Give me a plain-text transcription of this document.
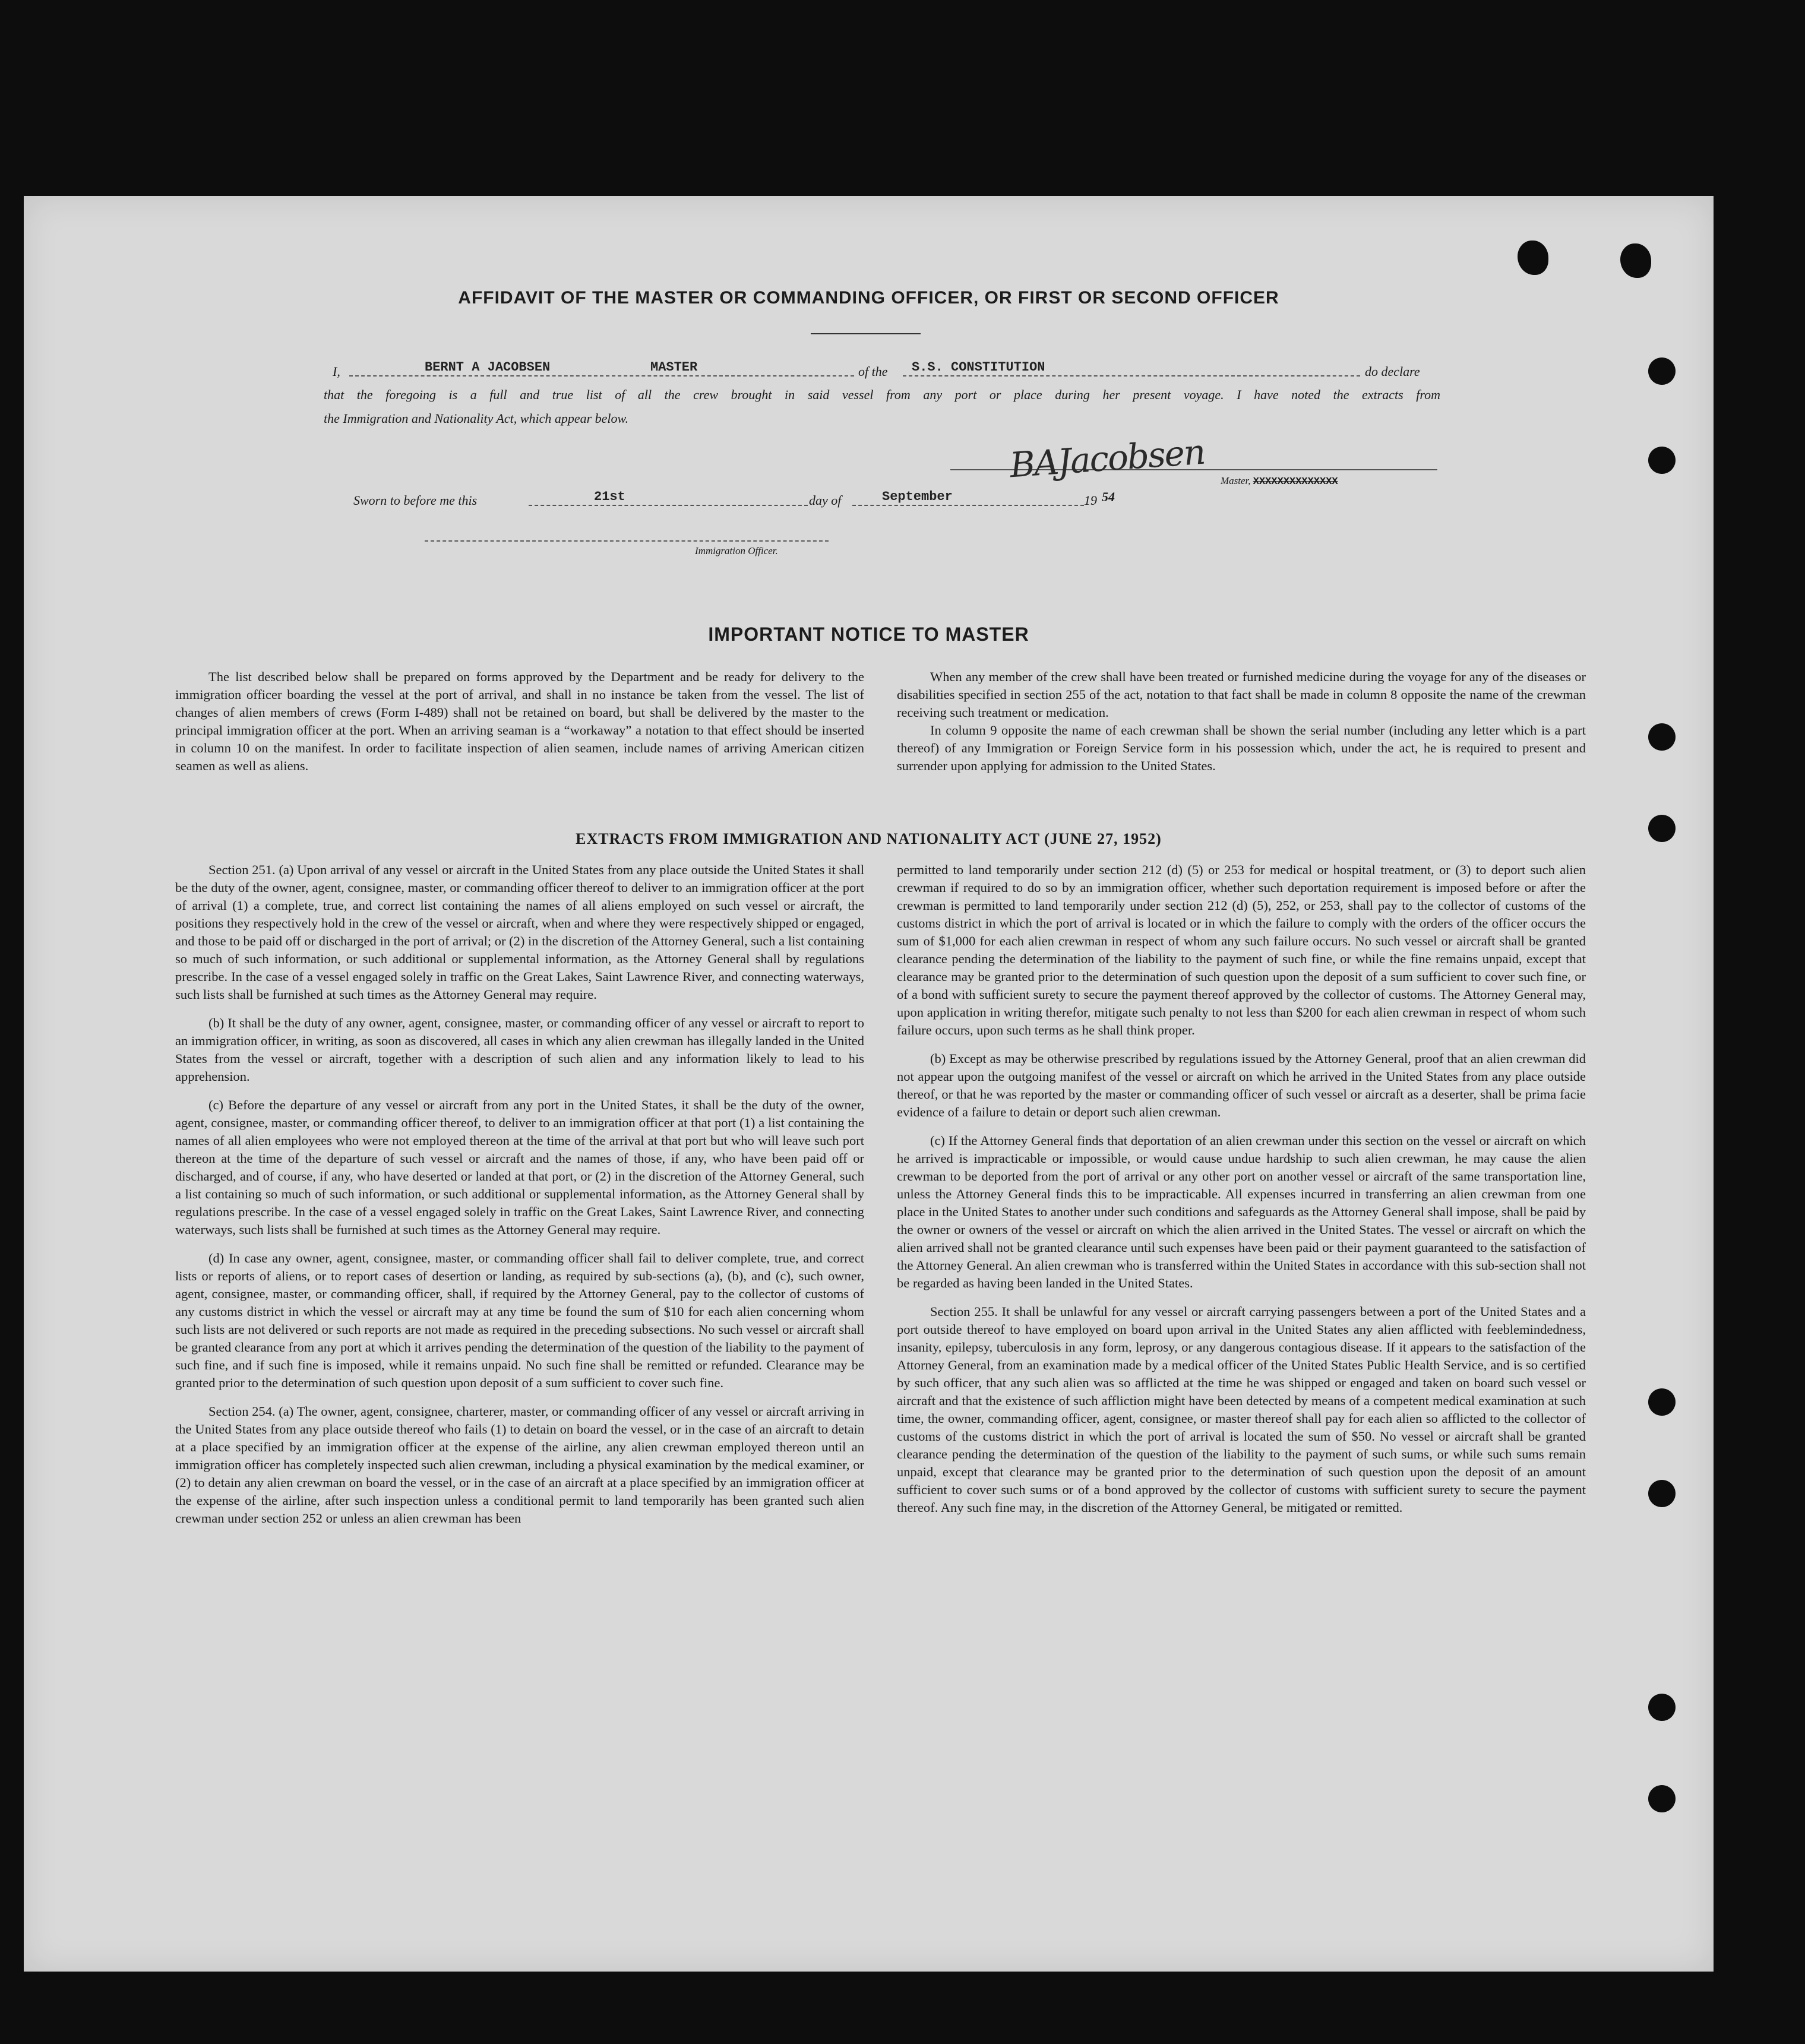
AFFIDAVIT OF THE MASTER OR COMMANDING OFFICER, OR FIRST OR SECOND OFFICER
I,	BERNT A JACOBSEN	MASTER	of the S.S. CONSTITUTION	do declare
that the foregoing is a full and true list of all the crew brought in said vessel from any port or place during her present voyage. I have noted the extracts from
the Immigration and Nationality Act, which appear below.
BAJacobsen Master, XXXXXXXXXXXXXX
Sworn to before me this	21st	day of	September	19 54
Immigration Officer.
IMPORTANT NOTICE TO MASTER

The list described below shall be prepared on forms approved by the Department and be ready for delivery to the immigration officer boarding the vessel at the port of arrival, and shall in no instance be taken from the vessel. The list of changes of alien members of crews (Form I-489) shall not be retained on board, but shall be delivered by the master to the principal immigration officer at the port. When an arriving seaman is a “workaway” a notation to that effect should be inserted in column 10 on the manifest. In order to facilitate inspection of alien seamen, include names of arriving American citizen seamen as well as aliens.

When any member of the crew shall have been treated or furnished medicine during the voyage for any of the diseases or disabilities specified in section 255 of the act, notation to that fact shall be made in column 8 opposite the name of the crewman receiving such treatment or medication.

In column 9 opposite the name of each crewman shall be shown the serial number (including any letter which is a part thereof) of any Immigration or Foreign Service form in his possession which, under the act, he is required to present and surrender upon applying for admission to the United States.

EXTRACTS FROM IMMIGRATION AND NATIONALITY ACT (JUNE 27, 1952)

Section 251. (a) Upon arrival of any vessel or aircraft in the United States from any place outside the United States it shall be the duty of the owner, agent, consignee, master, or commanding officer thereof to deliver to an immigration officer at the port of arrival (1) a complete, true, and correct list containing the names of all aliens employed on such vessel or aircraft, the positions they respectively hold in the crew of the vessel or aircraft, when and where they were respectively shipped or engaged, and those to be paid off or discharged in the port of arrival; or (2) in the discretion of the Attorney General, such a list containing so much of such information, or such additional or supplemental information, as the Attorney General shall by regulations prescribe. In the case of a vessel engaged solely in traffic on the Great Lakes, Saint Lawrence River, and connecting waterways, such lists shall be furnished at such times as the Attorney General may require.

(b) It shall be the duty of any owner, agent, consignee, master, or commanding officer of any vessel or aircraft to report to an immigration officer, in writing, as soon as discovered, all cases in which any alien crewman has illegally landed in the United States from the vessel or aircraft, together with a description of such alien and any information likely to lead to his apprehension.

(c) Before the departure of any vessel or aircraft from any port in the United States, it shall be the duty of the owner, agent, consignee, master, or commanding officer thereof, to deliver to an immigration officer at that port (1) a list containing the names of all alien employees who were not employed thereon at the time of the arrival at that port but who will leave such port thereon at the time of the departure of such vessel or aircraft and the names of those, if any, who have been paid off or discharged, and of course, if any, who have deserted or landed at that port, or (2) in the discretion of the Attorney General, such a list containing so much of such information, or such additional or supplemental information, as the Attorney General shall by regulations prescribe. In the case of a vessel engaged solely in traffic on the Great Lakes, Saint Lawrence River, and connecting waterways, such lists shall be furnished at such times as the Attorney General may require.

(d) In case any owner, agent, consignee, master, or commanding officer shall fail to deliver complete, true, and correct lists or reports of aliens, or to report cases of desertion or landing, as required by sub-sections (a), (b), and (c), such owner, agent, consignee, master, or commanding officer, shall, if required by the Attorney General, pay to the collector of customs of any customs district in which the vessel or aircraft may at any time be found the sum of $10 for each alien concerning whom such lists are not delivered or such reports are not made as required in the preceding subsections. No such vessel or aircraft shall be granted clearance from any port at which it arrives pending the determination of the question of the liability to the payment of such fine, and if such fine is imposed, while it remains unpaid. No such fine shall be remitted or refunded. Clearance may be granted prior to the determination of such question upon deposit of a sum sufficient to cover such fine.

Section 254. (a) The owner, agent, consignee, charterer, master, or commanding officer of any vessel or aircraft arriving in the United States from any place outside thereof who fails (1) to detain on board the vessel, or in the case of an aircraft to detain at a place specified by an immigration officer at the expense of the airline, any alien crewman employed thereon until an immigration officer has completely inspected such alien crewman, including a physical examination by the medical examiner, or (2) to detain any alien crewman on board the vessel, or in the case of an aircraft at a place specified by an immigration officer at the expense of the airline, after such inspection unless a conditional permit to land temporarily has been granted such alien crewman under section 252 or unless an alien crewman has been

permitted to land temporarily under section 212 (d) (5) or 253 for medical or hospital treatment, or (3) to deport such alien crewman if required to do so by an immigration officer, whether such deportation requirement is imposed before or after the crewman is permitted to land temporarily under section 212 (d) (5), 252, or 253, shall pay to the collector of customs of the customs district in which the port of arrival is located or in which the failure to comply with the orders of the officer occurs the sum of $1,000 for each alien crewman in respect of whom any such failure occurs. No such vessel or aircraft shall be granted clearance pending the determination of the liability to the payment of such fine, or while the fine remains unpaid, except that clearance may be granted prior to the determination of such question upon the deposit of a sum sufficient to cover such fine, or of a bond with sufficient surety to secure the payment thereof approved by the collector of customs. The Attorney General may, upon application in writing therefor, mitigate such penalty to not less than $200 for each alien crewman in respect of whom such failure occurs, upon such terms as he shall think proper.

(b) Except as may be otherwise prescribed by regulations issued by the Attorney General, proof that an alien crewman did not appear upon the outgoing manifest of the vessel or aircraft on which he arrived in the United States from any place outside thereof, or that he was reported by the master or commanding officer of such vessel or aircraft as a deserter, shall be prima facie evidence of a failure to detain or deport such alien crewman.

(c) If the Attorney General finds that deportation of an alien crewman under this section on the vessel or aircraft on which he arrived is impracticable or impossible, or would cause undue hardship to such alien crewman, he may cause the alien crewman to be deported from the port of arrival or any other port on another vessel or aircraft of the same transportation line, unless the Attorney General finds this to be impracticable. All expenses incurred in transferring an alien crewman from one place in the United States to another under such conditions and safeguards as the Attorney General shall impose, shall be paid by the owner or owners of the vessel or aircraft on which the alien arrived in the United States. The vessel or aircraft on which the alien arrived shall not be granted clearance until such expenses have been paid or their payment guaranteed to the satisfaction of the Attorney General. An alien crewman who is transferred within the United States in accordance with this sub-section shall not be regarded as having been landed in the United States.

Section 255. It shall be unlawful for any vessel or aircraft carrying passengers between a port of the United States and a port outside thereof to have employed on board upon arrival in the United States any alien afflicted with feeblemindedness, insanity, epilepsy, tuberculosis in any form, leprosy, or any dangerous contagious disease. If it appears to the satisfaction of the Attorney General, from an examination made by a medical officer of the United States Public Health Service, and is so certified by such officer, that any such alien was so afflicted at the time he was shipped or engaged and taken on board such vessel or aircraft and that the existence of such affliction might have been detected by means of a competent medical examination at such time, the owner, commanding officer, agent, consignee, or master thereof shall pay for each alien so afflicted to the collector of customs of the customs district in which the port of arrival is located the sum of $50. No vessel or aircraft shall be granted clearance pending the determination of the question of the liability to the payment of such sums, or while such sums remain unpaid, except that clearance may be granted prior to the determination of such question upon the deposit of an amount sufficient to cover such sums or of a bond approved by the collector of customs with sufficient surety to secure the payment thereof. Any such fine may, in the discretion of the Attorney General, be mitigated or remitted.
